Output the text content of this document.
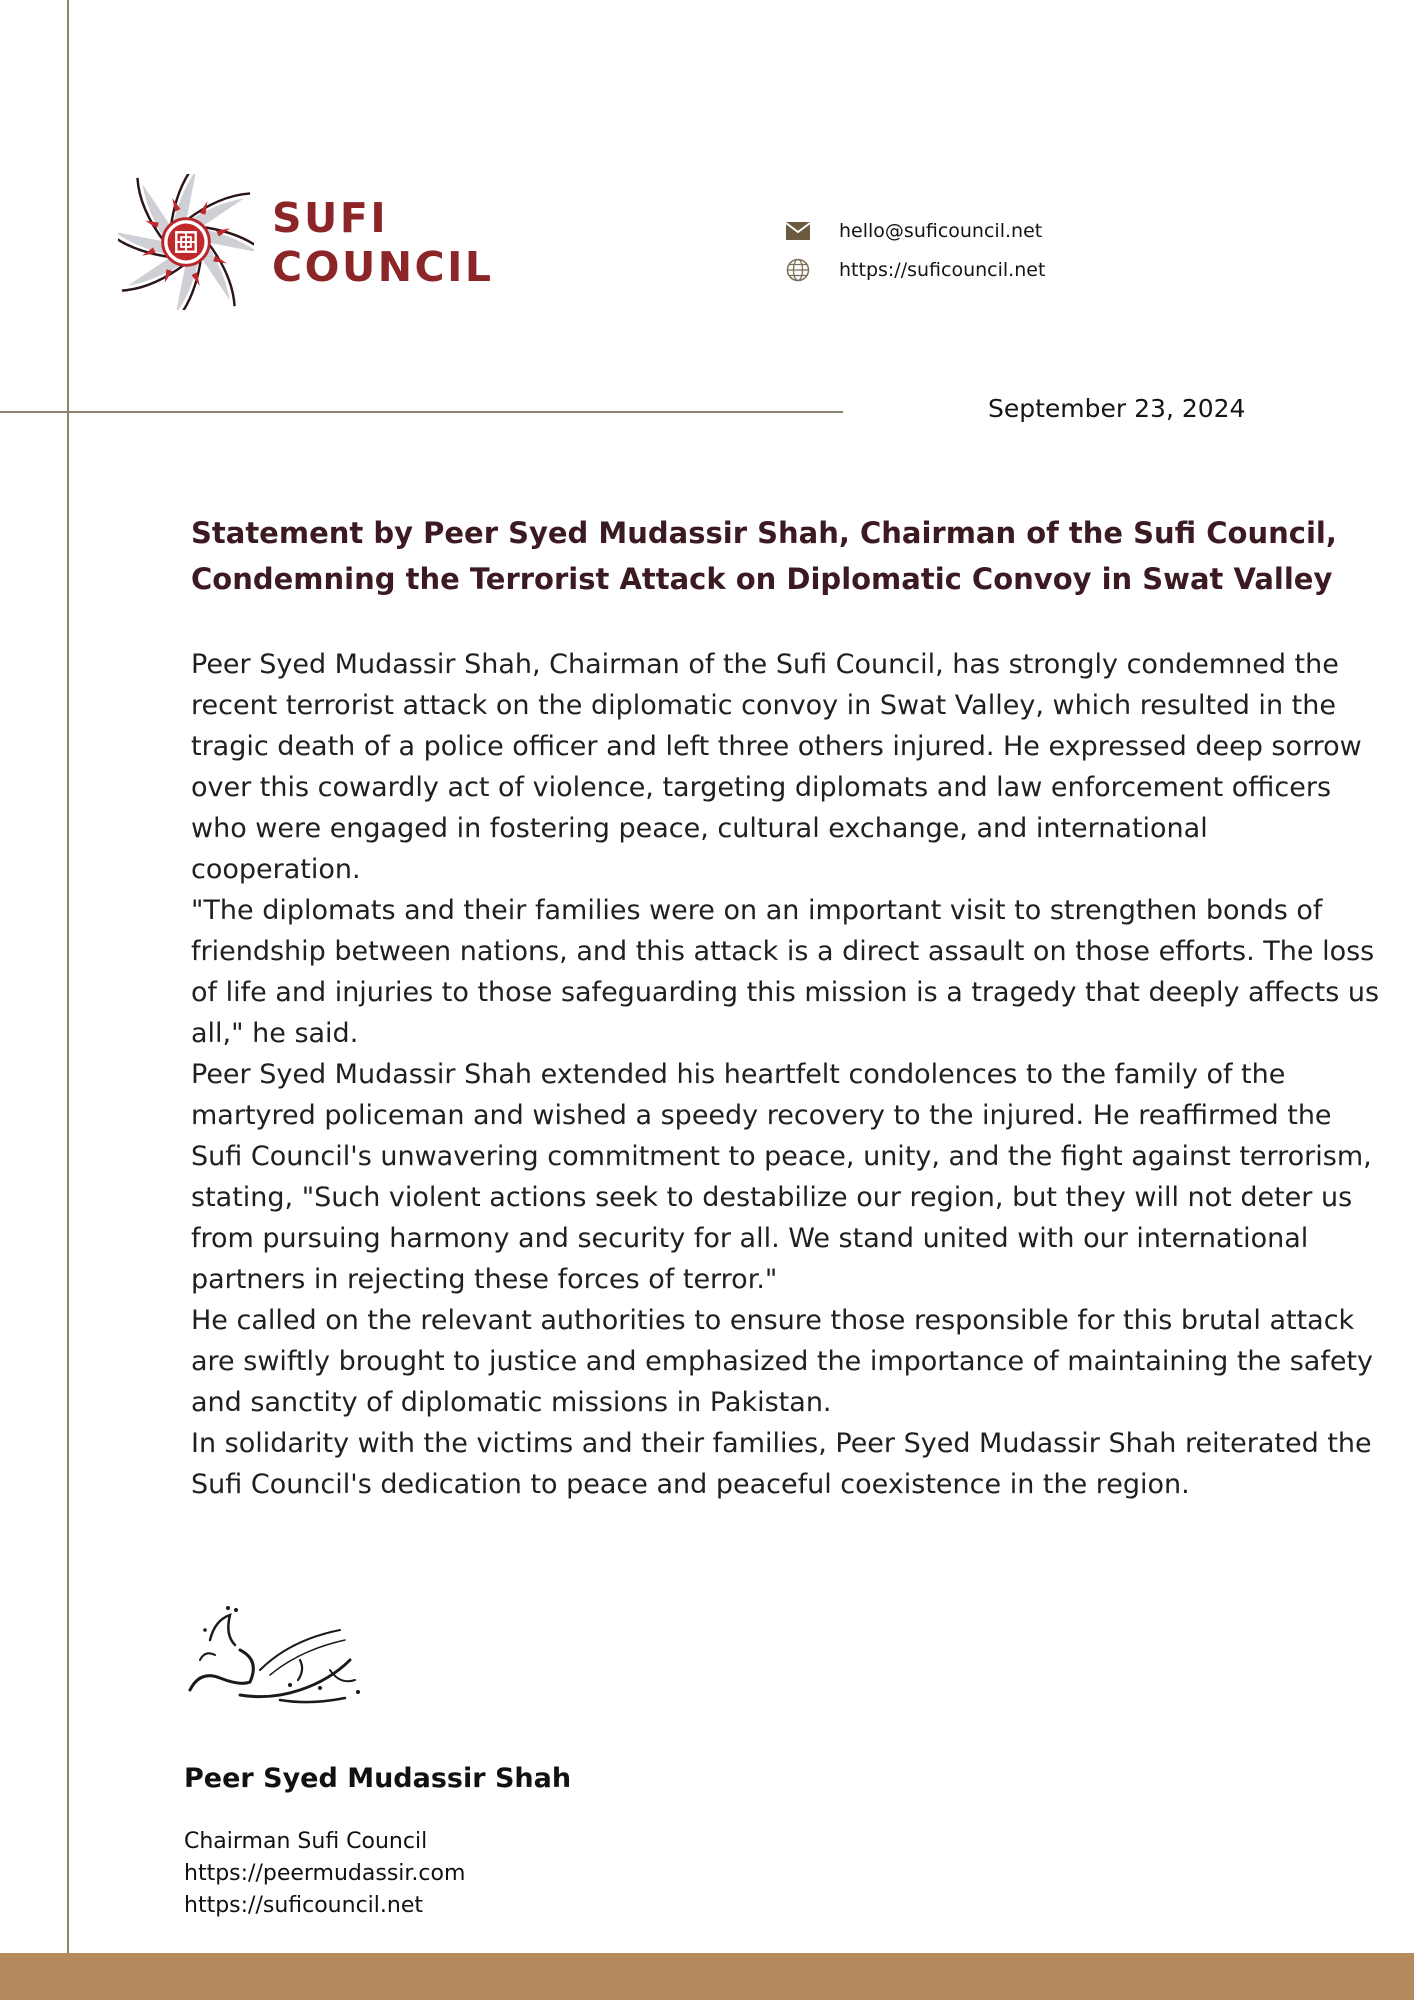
SUFI
COUNCIL
hello@suficouncil.net
https://suficouncil.net
September 23, 2024
Statement by Peer Syed Mudassir Shah, Chairman of the Sufi Council, Condemning the Terrorist Attack on Diplomatic Convoy in Swat Valley

Peer Syed Mudassir Shah, Chairman of the Sufi Council, has strongly condemned the recent terrorist attack on the diplomatic convoy in Swat Valley, which resulted in the tragic death of a police officer and left three others injured. He expressed deep sorrow over this cowardly act of violence, targeting diplomats and law enforcement officers who were engaged in fostering peace, cultural exchange, and international cooperation.

"The diplomats and their families were on an important visit to strengthen bonds of friendship between nations, and this attack is a direct assault on those efforts. The loss of life and injuries to those safeguarding this mission is a tragedy that deeply affects us all," he said.

Peer Syed Mudassir Shah extended his heartfelt condolences to the family of the martyred policeman and wished a speedy recovery to the injured. He reaffirmed the Sufi Council's unwavering commitment to peace, unity, and the fight against terrorism, stating, "Such violent actions seek to destabilize our region, but they will not deter us from pursuing harmony and security for all. We stand united with our international partners in rejecting these forces of terror."

He called on the relevant authorities to ensure those responsible for this brutal attack are swiftly brought to justice and emphasized the importance of maintaining the safety and sanctity of diplomatic missions in Pakistan.

In solidarity with the victims and their families, Peer Syed Mudassir Shah reiterated the Sufi Council's dedication to peace and peaceful coexistence in the region.

Peer Syed Mudassir Shah
Chairman Sufi Council
https://peermudassir.com
https://suficouncil.net
